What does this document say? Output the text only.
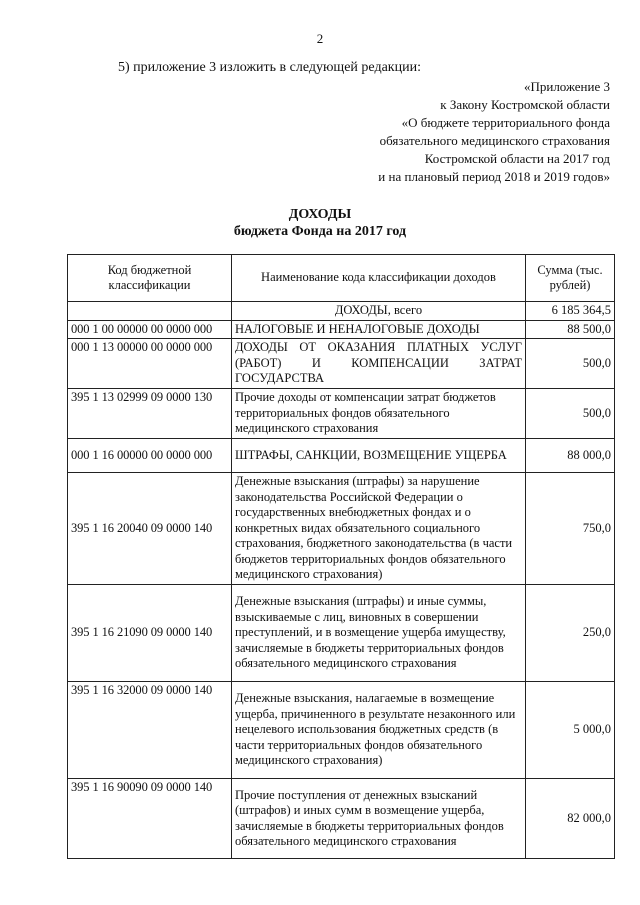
2
5) приложение 3 изложить в следующей редакции:
«Приложение 3
к Закону Костромской области
«О бюджете территориального фонда
обязательного медицинского страхования
Костромской области на 2017 год
и на плановый период 2018 и 2019 годов»
ДОХОДЫ
бюджета Фонда на 2017 год
Код бюджетной классификации	Наименование кода классификации доходов	Сумма (тыс. рублей)
	ДОХОДЫ, всего	6 185 364,5
000 1 00 00000 00 0000 000	НАЛОГОВЫЕ И НЕНАЛОГОВЫЕ ДОХОДЫ	88 500,0
000 1 13 00000 00 0000 000	ДОХОДЫ ОТ ОКАЗАНИЯ ПЛАТНЫХ УСЛУГ (РАБОТ) И КОМПЕНСАЦИИ ЗАТРАТ ГОСУДАРСТВА	500,0
395 1 13 02999 09 0000 130	Прочие доходы от компенсации затрат бюджетов территориальных фондов обязательного медицинского страхования	500,0
000 1 16 00000 00 0000 000	ШТРАФЫ, САНКЦИИ, ВОЗМЕЩЕНИЕ УЩЕРБА	88 000,0
395 1 16 20040 09 0000 140	Денежные взыскания (штрафы) за нарушение законодательства Российской Федерации о государственных внебюджетных фондах и о конкретных видах обязательного социального страхования, бюджетного законодательства (в части бюджетов территориальных фондов обязательного медицинского страхования)	750,0
395 1 16 21090 09 0000 140	Денежные взыскания (штрафы) и иные суммы, взыскиваемые с лиц, виновных в совершении преступлений, и в возмещение ущерба имуществу, зачисляемые в бюджеты территориальных фондов обязательного медицинского страхования	250,0
395 1 16 32000 09 0000 140	Денежные взыскания, налагаемые в возмещение ущерба, причиненного в результате незаконного или нецелевого использования бюджетных средств (в части территориальных фондов обязательного медицинского страхования)	5 000,0
395 1 16 90090 09 0000 140	Прочие поступления от денежных взысканий (штрафов) и иных сумм в возмещение ущерба, зачисляемые в бюджеты территориальных фондов обязательного медицинского страхования	82 000,0
